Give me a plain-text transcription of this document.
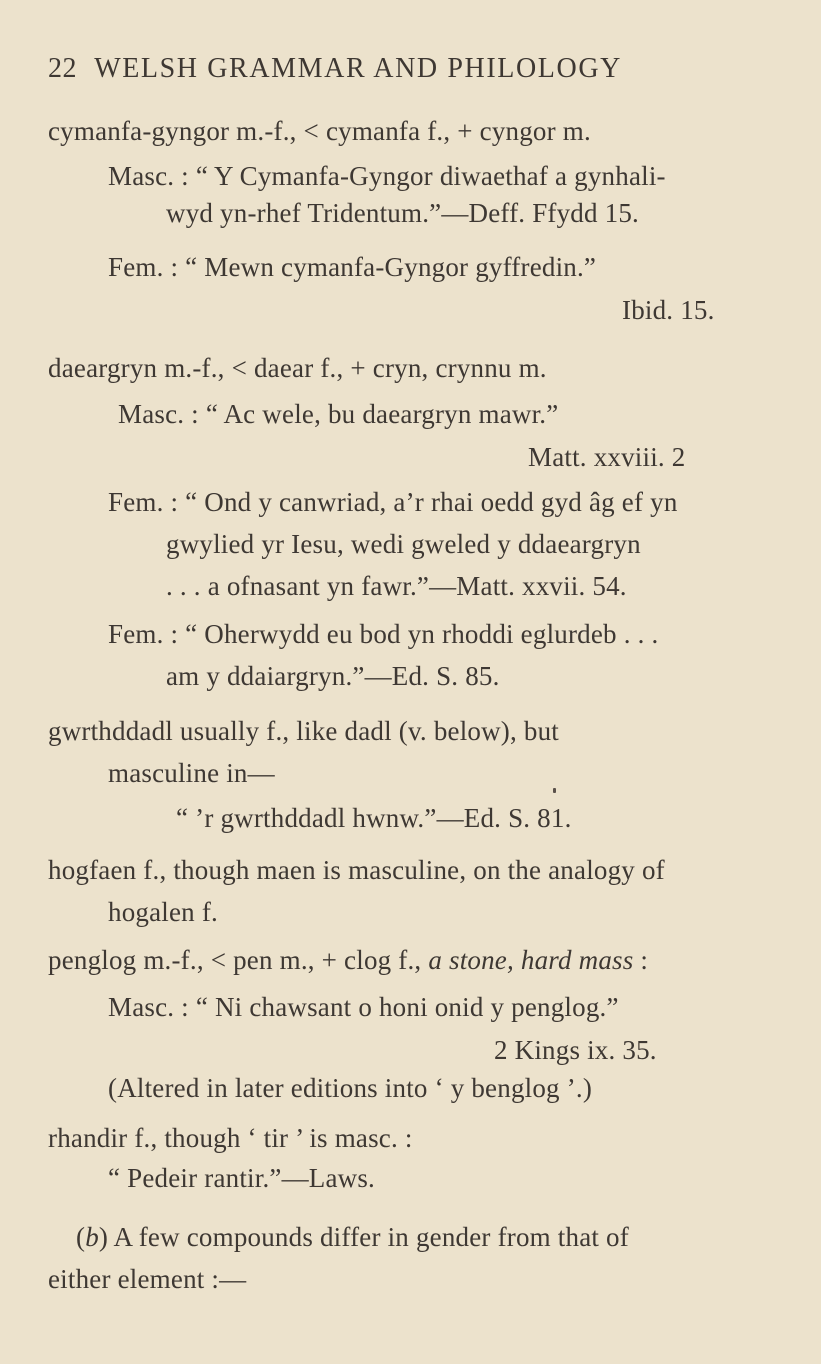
22 WELSH GRAMMAR AND PHILOLOGY
cymanfa-gyngor m.-f., < cymanfa f., + cyngor m.
Masc. : “ Y Cymanfa-Gyngor diwaethaf a gynhali-
wyd yn-rhef Tridentum.”—Deff. Ffydd 15.
Fem. : “ Mewn cymanfa-Gyngor gyffredin.”
Ibid. 15.
daeargryn m.-f., < daear f., + cryn, crynnu m.
Masc. : “ Ac wele, bu daeargryn mawr.”
Matt. xxviii. 2
Fem. : “ Ond y canwriad, a’r rhai oedd gyd âg ef yn
gwylied yr Iesu, wedi gweled y ddaeargryn
. . . a ofnasant yn fawr.”—Matt. xxvii. 54.
Fem. : “ Oherwydd eu bod yn rhoddi eglurdeb . . .
am y ddaiargryn.”—Ed. S. 85.
gwrthddadl usually f., like dadl (v. below), but
masculine in—
“ ’r gwrthddadl hwnw.”—Ed. S. 81.
hogfaen f., though maen is masculine, on the analogy of
hogalen f.
penglog m.-f., < pen m., + clog f., a stone, hard mass :
Masc. : “ Ni chawsant o honi onid y penglog.”
2 Kings ix. 35.
(Altered in later editions into ‘ y benglog ’.)
rhandir f., though ‘ tir ’ is masc. :
“ Pedeir rantir.”—Laws.
(b) A few compounds differ in gender from that of
either element :—
